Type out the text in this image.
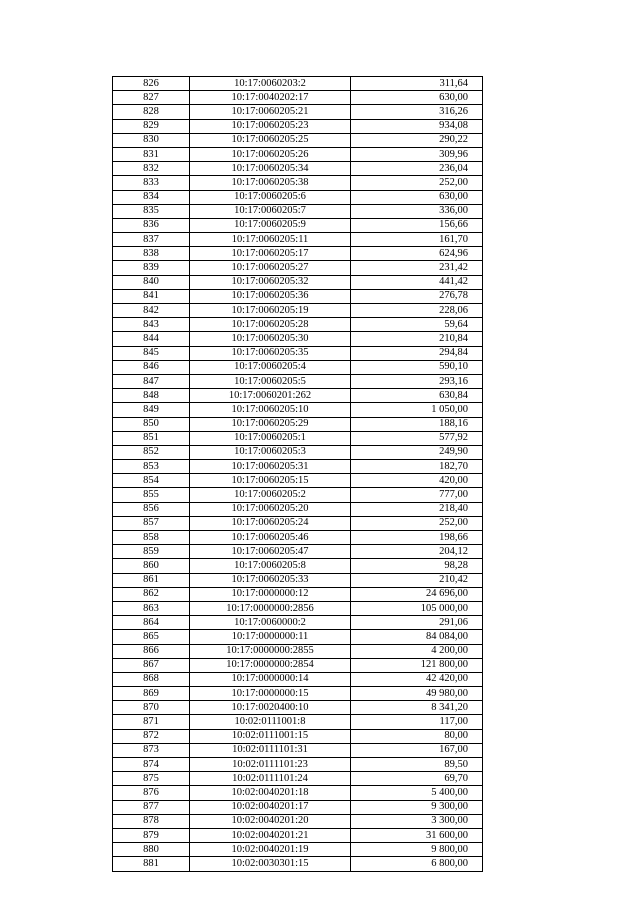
826	10:17:0060203:2	311,64
827	10:17:0040202:17	630,00
828	10:17:0060205:21	316,26
829	10:17:0060205:23	934,08
830	10:17:0060205:25	290,22
831	10:17:0060205:26	309,96
832	10:17:0060205:34	236,04
833	10:17:0060205:38	252,00
834	10:17:0060205:6	630,00
835	10:17:0060205:7	336,00
836	10:17:0060205:9	156,66
837	10:17:0060205:11	161,70
838	10:17:0060205:17	624,96
839	10:17:0060205:27	231,42
840	10:17:0060205:32	441,42
841	10:17:0060205:36	276,78
842	10:17:0060205:19	228,06
843	10:17:0060205:28	59,64
844	10:17:0060205:30	210,84
845	10:17:0060205:35	294,84
846	10:17:0060205:4	590,10
847	10:17:0060205:5	293,16
848	10:17:0060201:262	630,84
849	10:17:0060205:10	1 050,00
850	10:17:0060205:29	188,16
851	10:17:0060205:1	577,92
852	10:17:0060205:3	249,90
853	10:17:0060205:31	182,70
854	10:17:0060205:15	420,00
855	10:17:0060205:2	777,00
856	10:17:0060205:20	218,40
857	10:17:0060205:24	252,00
858	10:17:0060205:46	198,66
859	10:17:0060205:47	204,12
860	10:17:0060205:8	98,28
861	10:17:0060205:33	210,42
862	10:17:0000000:12	24 696,00
863	10:17:0000000:2856	105 000,00
864	10:17:0060000:2	291,06
865	10:17:0000000:11	84 084,00
866	10:17:0000000:2855	4 200,00
867	10:17:0000000:2854	121 800,00
868	10:17:0000000:14	42 420,00
869	10:17:0000000:15	49 980,00
870	10:17:0020400:10	8 341,20
871	10:02:0111001:8	117,00
872	10:02:0111001:15	80,00
873	10:02:0111101:31	167,00
874	10:02:0111101:23	89,50
875	10:02:0111101:24	69,70
876	10:02:0040201:18	5 400,00
877	10:02:0040201:17	9 300,00
878	10:02:0040201:20	3 300,00
879	10:02:0040201:21	31 600,00
880	10:02:0040201:19	9 800,00
881	10:02:0030301:15	6 800,00
